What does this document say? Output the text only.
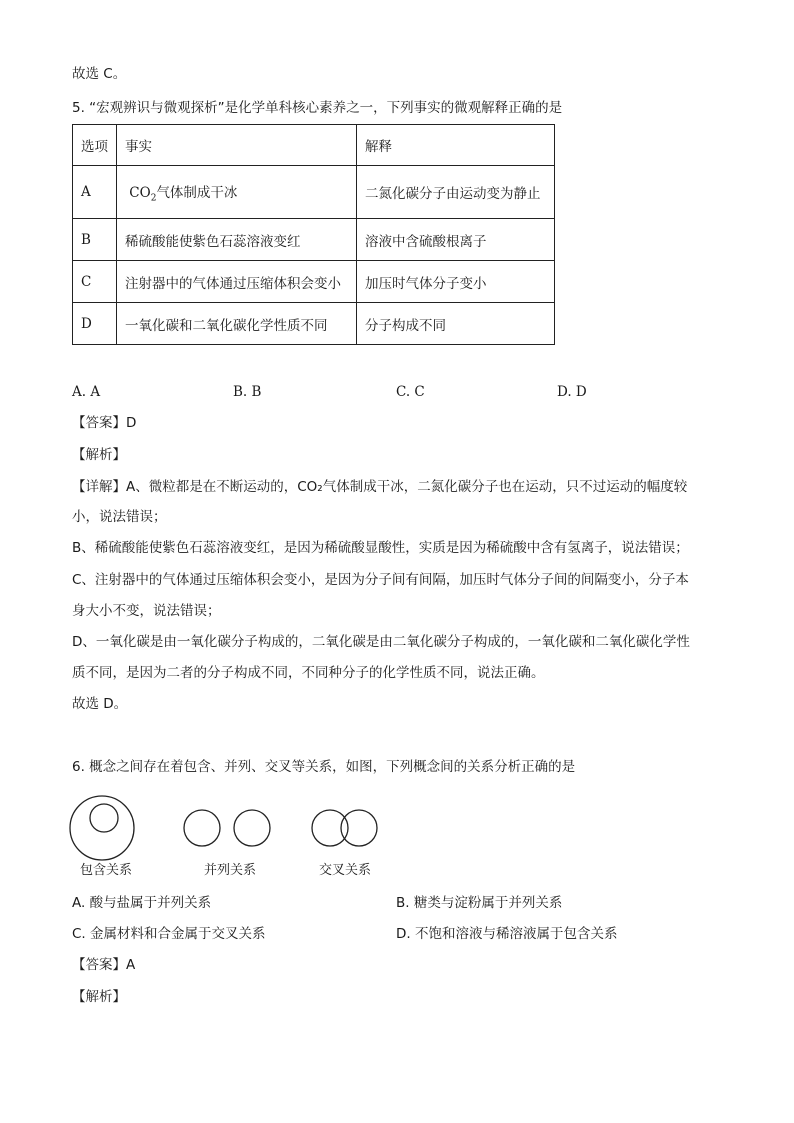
故选 C。
5. “宏观辨识与微观探析”是化学单科核心素养之一，下列事实的微观解释正确的是
选项	事实	解释
A	$CO_2$气体制成干冰	二氮化碳分子由运动变为静止
B	稀硫酸能使紫色石蕊溶液变红	溶液中含硫酸根离子
C	注射器中的气体通过压缩体积会变小	加压时气体分子变小
D	一氧化碳和二氧化碳化学性质不同	分子构成不同
A. A	B. B	C. C	D. D
【答案】D
【解析】
【详解】A、微粒都是在不断运动的，CO₂气体制成干冰，二氮化碳分子也在运动，只不过运动的幅度较
小，说法错误；
B、稀硫酸能使紫色石蕊溶液变红，是因为稀硫酸显酸性，实质是因为稀硫酸中含有氢离子，说法错误；
C、注射器中的气体通过压缩体积会变小，是因为分子间有间隔，加压时气体分子间的间隔变小，分子本
身大小不变，说法错误；
D、一氧化碳是由一氧化碳分子构成的，二氧化碳是由二氧化碳分子构成的，一氧化碳和二氧化碳化学性
质不同，是因为二者的分子构成不同，不同种分子的化学性质不同，说法正确。
故选 D。
6. 概念之间存在着包含、并列、交叉等关系，如图，下列概念间的关系分析正确的是
包含关系	并列关系	交叉关系
A. 酸与盐属于并列关系	B. 糖类与淀粉属于并列关系
C. 金属材料和合金属于交叉关系	D. 不饱和溶液与稀溶液属于包含关系
【答案】A
【解析】
